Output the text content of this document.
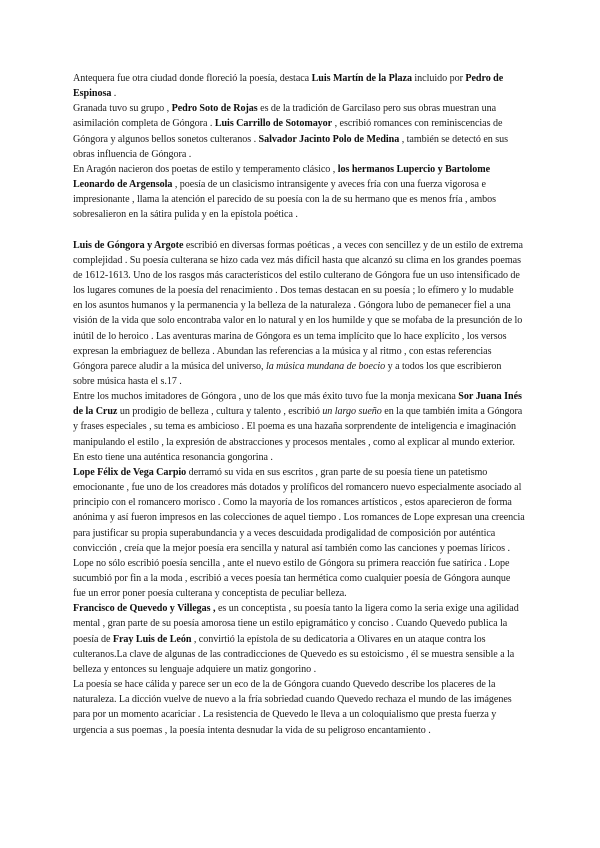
Antequera fue otra ciudad donde floreció la poesía, destaca Luis Martín de la Plaza incluido por Pedro de Espinosa .

Granada tuvo su grupo , Pedro Soto de Rojas es de la tradición de Garcilaso pero sus obras muestran una asimilación completa de Góngora . Luis Carrillo de Sotomayor , escribió romances con reminiscencias de Góngora y algunos bellos sonetos culteranos . Salvador Jacinto Polo de Medina , también se detectó en sus obras influencia de Góngora .

En Aragón nacieron dos poetas de estilo y temperamento clásico , los hermanos Lupercio y Bartolome Leonardo de Argensola , poesía de un clasicismo intransigente y aveces fría con una fuerza vigorosa e impresionante , llama la atención el parecido de su poesía con la de su hermano que es menos fría , ambos sobresalieron en la sátira pulida y en la epístola poética .

Luis de Góngora y Argote escribió en diversas formas poéticas , a veces con sencillez y de un estilo de extrema complejidad . Su poesía culterana se hizo cada vez más difícil hasta que alcanzó su clima en los grandes poemas de 1612-1613. Uno de los rasgos más característicos del estilo culterano de Góngora fue un uso intensificado de los lugares comunes de la poesía del renacimiento . Dos temas destacan en su poesía ; lo efímero y lo mudable en los asuntos humanos y la permanencia y la belleza de la naturaleza . Góngora lubo de pemanecer fiel a una visión de la vida que solo encontraba valor en lo natural y en los humilde y que se mofaba de la presunción de lo inútil de lo heroico . Las aventuras marina de Góngora es un tema implícito que lo hace explícito , los versos expresan la embriaguez de belleza . Abundan las referencias a la música y al ritmo , con estas referencias Góngora parece aludir a la música del universo, la música mundana de boecio y a todos los que escribieron sobre música hasta el s.17 .

Entre los muchos imitadores de Góngora , uno de los que más éxito tuvo fue la monja mexicana Sor Juana Inés de la Cruz un prodigio de belleza , cultura y talento , escribió un largo sueño en la que también imita a Góngora y frases especiales , su tema es ambicioso . El poema es una hazaña sorprendente de inteligencia e imaginación manipulando el estilo , la expresión de abstracciones y procesos mentales , como al explicar al mundo exterior. En esto tiene una auténtica resonancia gongorina .

Lope Félix de Vega Carpio derramó su vida en sus escritos , gran parte de su poesía tiene un patetismo emocionante , fue uno de los creadores más dotados y prolíficos del romancero nuevo especialmente asociado al principio con el romancero morisco . Como la mayoría de los romances artísticos , estos aparecieron de forma anónima y así fueron impresos en las colecciones de aquel tiempo . Los romances de Lope expresan una creencia para justificar su propia superabundancia y a veces descuidada prodigalidad de composición por auténtica convicción , creía que la mejor poesía era sencilla y natural así también como las canciones y poemas líricos . Lope no sólo escribió poesía sencilla , ante el nuevo estilo de Góngora su primera reacción fue satírica . Lope sucumbió por fin a la moda , escribió a veces poesía tan hermética como cualquier poesía de Góngora aunque fue un error poner poesía culterana y conceptista de peculiar belleza.

Francisco de Quevedo y Villegas , es un conceptista , su poesía tanto la ligera como la seria exige una agilidad mental , gran parte de su poesía amorosa tiene un estilo epigramático y conciso . Cuando Quevedo publica la poesía de Fray Luis de León , convirtió la epístola de su dedicatoria a Olivares en un ataque contra los culteranos.La clave de algunas de las contradicciones de Quevedo es su estoicismo , él se muestra sensible a la belleza y entonces su lenguaje adquiere un matiz gongorino .

La poesía se hace cálida y parece ser un eco de la de Góngora cuando Quevedo describe los placeres de la naturaleza. La dicción vuelve de nuevo a la fría sobriedad cuando Quevedo rechaza el mundo de las imágenes para por un momento acariciar . La resistencia de Quevedo le lleva a un coloquialismo que presta fuerza y urgencia a sus poemas , la poesía intenta desnudar la vida de su peligroso encantamiento .
